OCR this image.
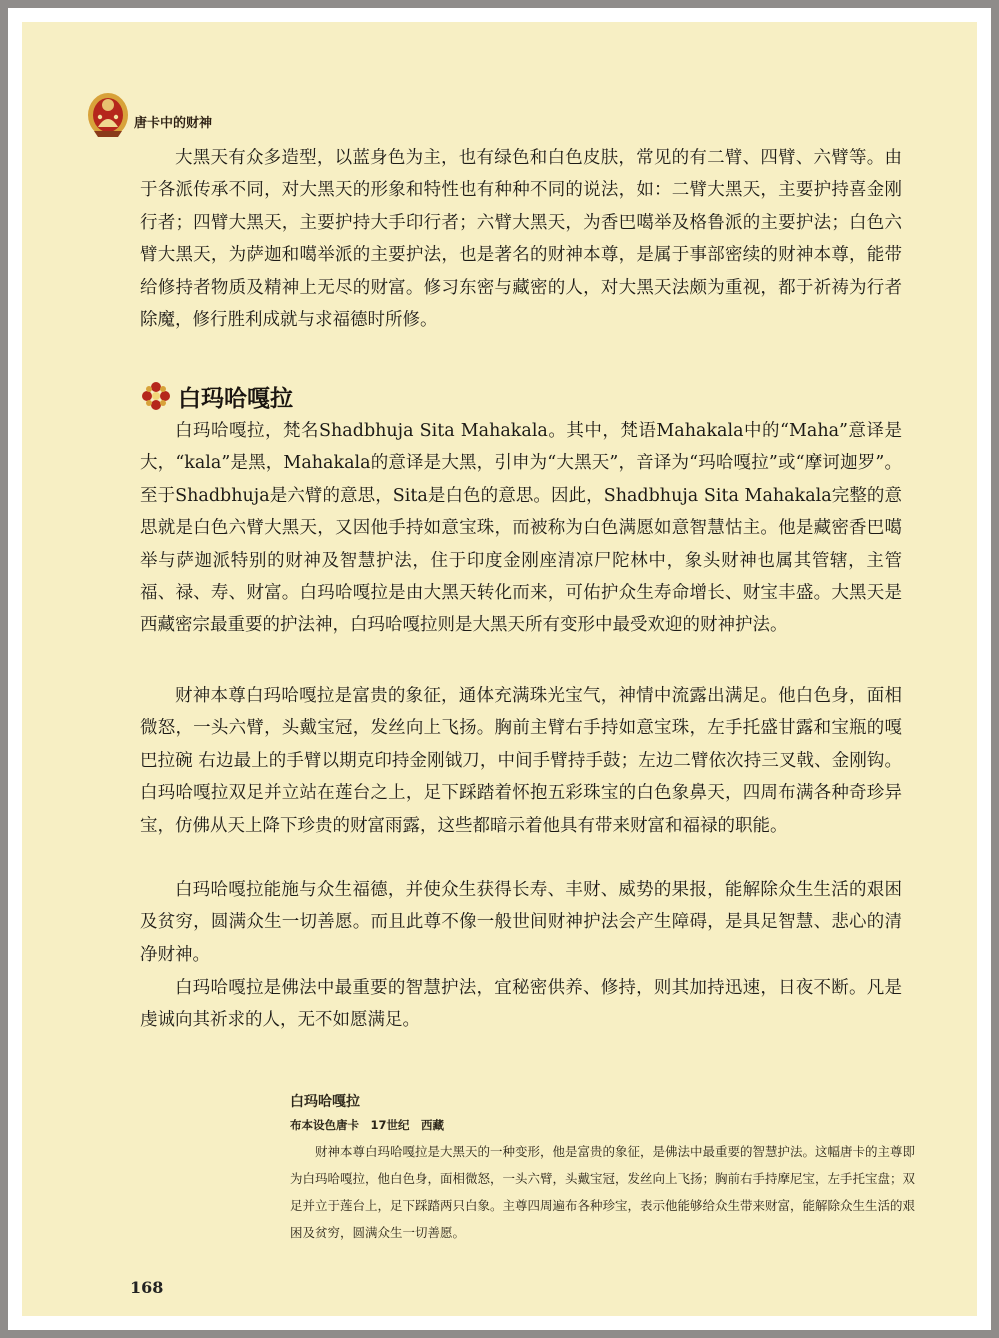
唐卡中的财神

大黑天有众多造型，以蓝身色为主，也有绿色和白色皮肤，常见的有二臂、四臂、六臂等。由于各派传承不同，对大黑天的形象和特性也有种种不同的说法，如：二臂大黑天，主要护持喜金刚行者；四臂大黑天，主要护持大手印行者；六臂大黑天，为香巴噶举及格鲁派的主要护法；白色六臂大黑天，为萨迦和噶举派的主要护法，也是著名的财神本尊，是属于事部密续的财神本尊，能带给修持者物质及精神上无尽的财富。修习东密与藏密的人，对大黑天法颇为重视，都于祈祷为行者除魔，修行胜利成就与求福德时所修。

白玛哈嘎拉

白玛哈嘎拉，梵名Shadbhuja Sita Mahakala。其中，梵语Mahakala中的“Maha”意译是大，“kala”是黑，Mahakala的意译是大黑，引申为“大黑天”，音译为“玛哈嘎拉”或“摩诃迦罗”。至于Shadbhuja是六臂的意思，Sita是白色的意思。因此，Shadbhuja Sita Mahakala完整的意思就是白色六臂大黑天，又因他手持如意宝珠，而被称为白色满愿如意智慧怙主。他是藏密香巴噶举与萨迦派特别的财神及智慧护法，住于印度金刚座清凉尸陀林中，象头财神也属其管辖，主管福、禄、寿、财富。白玛哈嘎拉是由大黑天转化而来，可佑护众生寿命增长、财宝丰盛。大黑天是西藏密宗最重要的护法神，白玛哈嘎拉则是大黑天所有变形中最受欢迎的财神护法。

财神本尊白玛哈嘎拉是富贵的象征，通体充满珠光宝气，神情中流露出满足。他白色身，面相微怒，一头六臂，头戴宝冠，发丝向上飞扬。胸前主臂右手持如意宝珠，左手托盛甘露和宝瓶的嘎巴拉碗 右边最上的手臂以期克印持金刚钺刀，中间手臂持手鼓；左边二臂依次持三叉戟、金刚钩。白玛哈嘎拉双足并立站在莲台之上，足下踩踏着怀抱五彩珠宝的白色象鼻天，四周布满各种奇珍异宝，仿佛从天上降下珍贵的财富雨露，这些都暗示着他具有带来财富和福禄的职能。

白玛哈嘎拉能施与众生福德，并使众生获得长寿、丰财、威势的果报，能解除众生生活的艰困及贫穷，圆满众生一切善愿。而且此尊不像一般世间财神护法会产生障碍，是具足智慧、悲心的清净财神。

白玛哈嘎拉是佛法中最重要的智慧护法，宜秘密供养、修持，则其加持迅速，日夜不断。凡是虔诚向其祈求的人，无不如愿满足。

白玛哈嘎拉
布本设色唐卡　17世纪　西藏

财神本尊白玛哈嘎拉是大黑天的一种变形，他是富贵的象征，是佛法中最重要的智慧护法。这幅唐卡的主尊即为白玛哈嘎拉，他白色身，面相微怒，一头六臂，头戴宝冠，发丝向上飞扬；胸前右手持摩尼宝，左手托宝盘；双足并立于莲台上，足下踩踏两只白象。主尊四周遍布各种珍宝，表示他能够给众生带来财富，能解除众生生活的艰困及贫穷，圆满众生一切善愿。

168
